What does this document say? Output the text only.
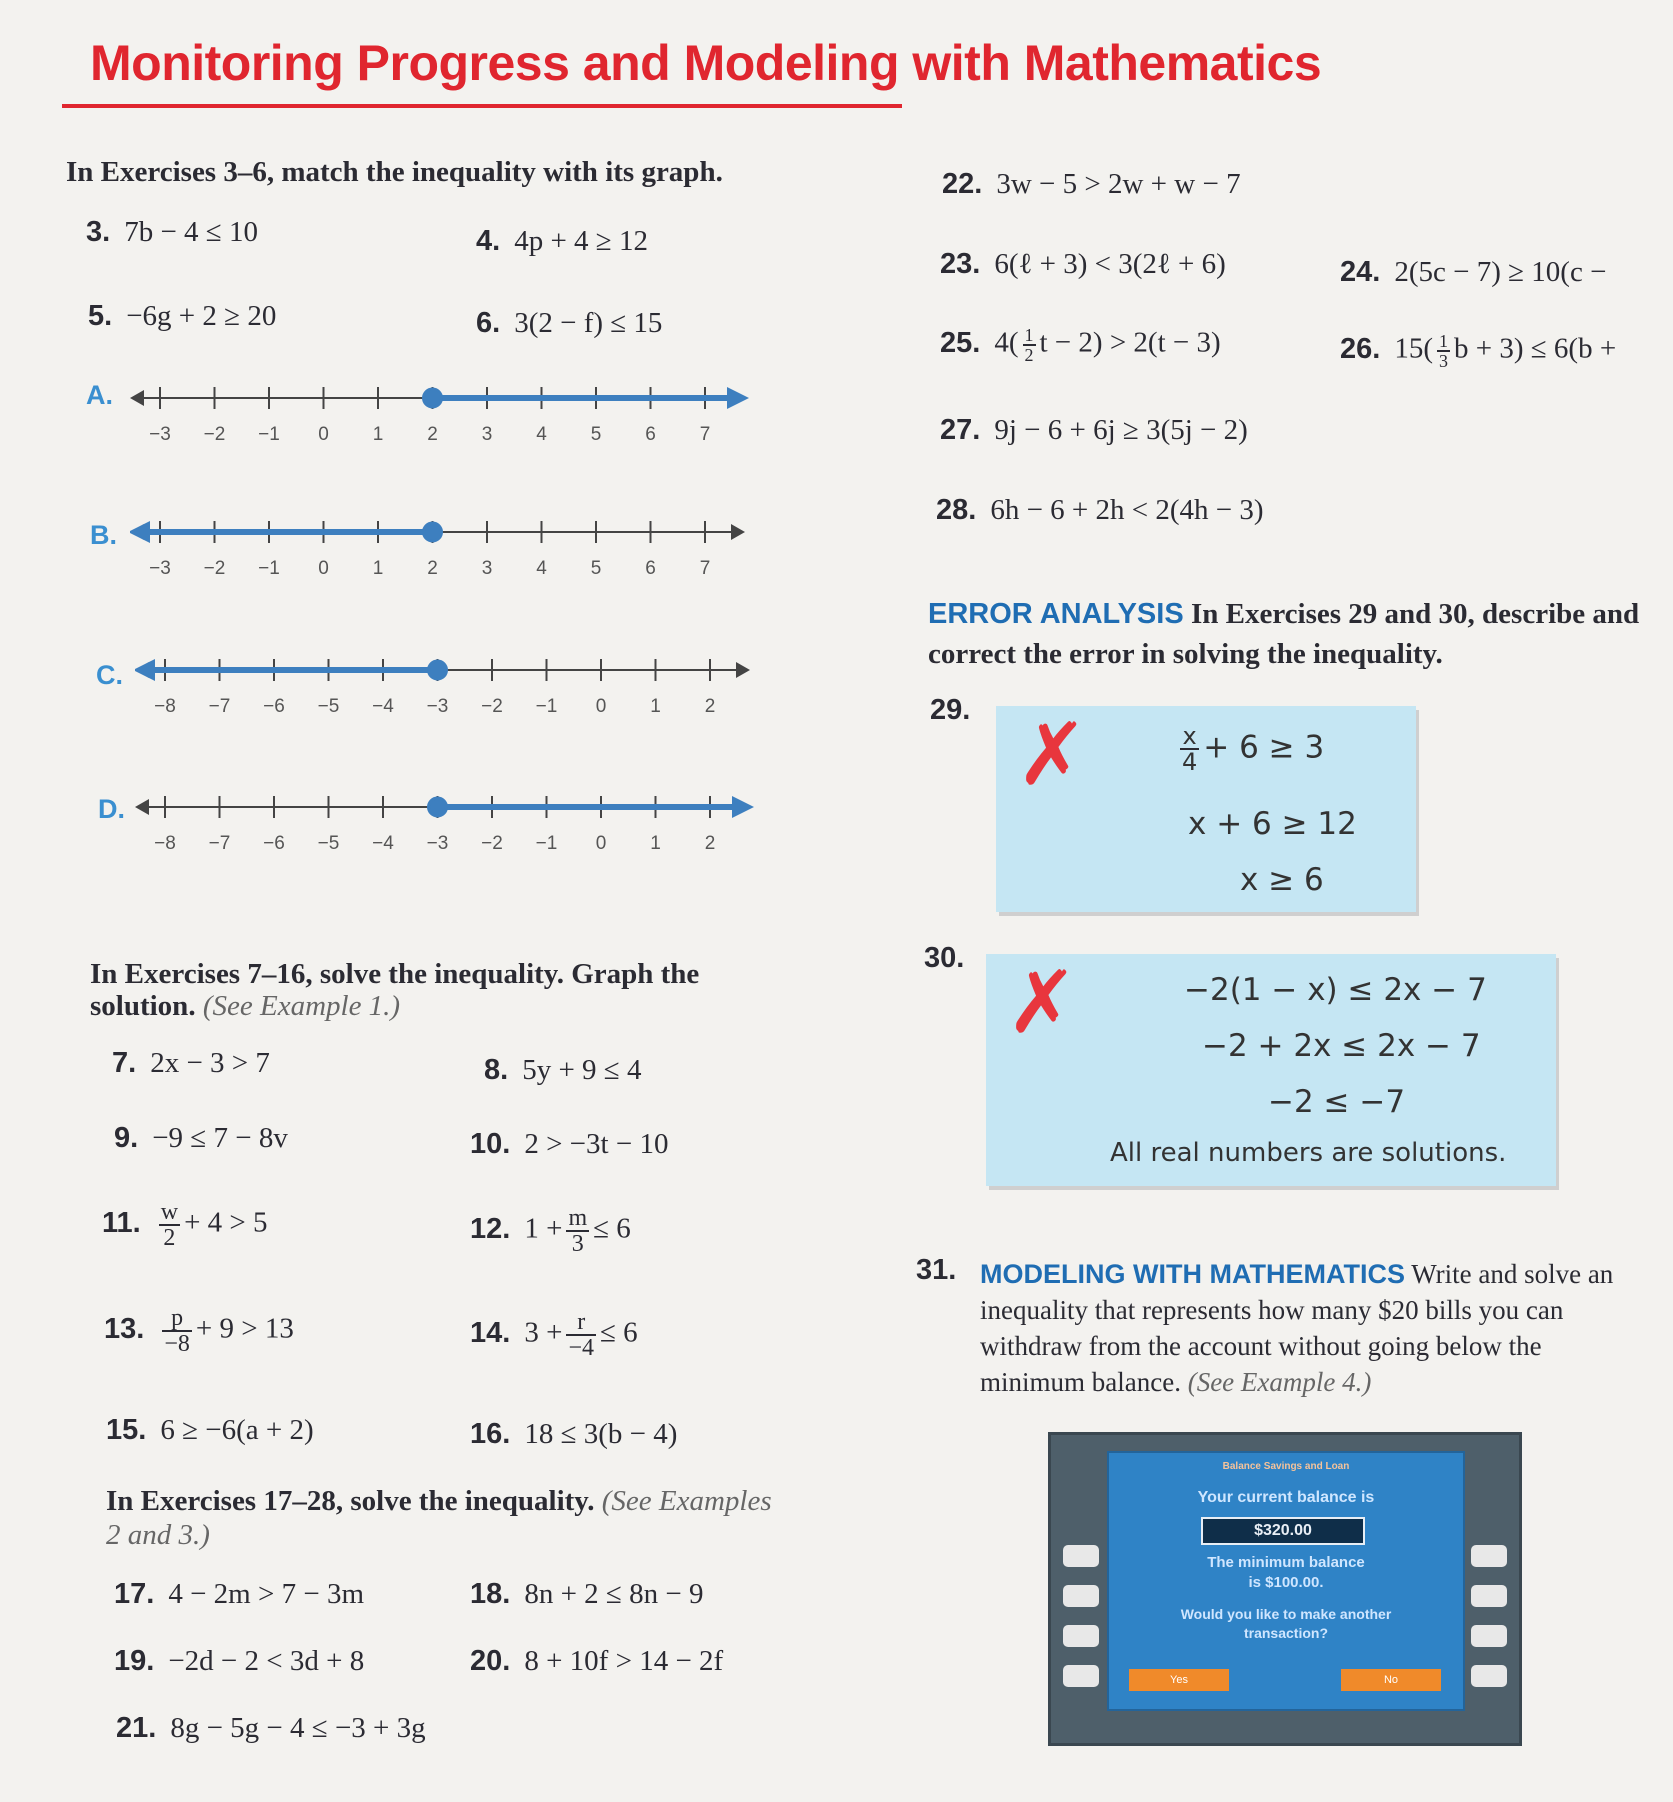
Monitoring Progress and Modeling with Mathematics
In Exercises 3–6, match the inequality with its graph.
3. 7b − 4 ≤ 10	4. 4p + 4 ≥ 12
5. −6g + 2 ≥ 20	6. 3(2 − f) ≤ 15
A.
−3 −2 −1 0 1 2 3 4 5 6 7
B.
−3 −2 −1 0 1 2 3 4 5 6 7
C.
−8 −7 −6 −5 −4 −3 −2 −1 0 1 2
D.
−8 −7 −6 −5 −4 −3 −2 −1 0 1 2
In Exercises 7–16, solve the inequality. Graph the
solution. (See Example 1.)
7. 2x − 3 > 7	8. 5y + 9 ≤ 4
9. −9 ≤ 7 − 8v	10. 2 > −3t − 10
11. $\frac{w}{2} + 4 > 5$	12. $1 + \frac{m}{3} \le 6$
13. $\frac{p}{-8} + 9 > 13$	14. $3 + \frac{r}{-4} \le 6$
15. 6 ≥ −6(a + 2)	16. 18 ≤ 3(b − 4)
In Exercises 17–28, solve the inequality. (See Examples
2 and 3.)
17. 4 − 2m > 7 − 3m	18. 8n + 2 ≤ 8n − 9
19. −2d − 2 < 3d + 8	20. 8 + 10f > 14 − 2f
21. 8g − 5g − 4 ≤ −3 + 3g
22. 3w − 5 > 2w + w − 7
23. 6(ℓ + 3) < 3(2ℓ + 6)	24. 2(5c − 7) ≥ 10(c −
25. $4( \frac{1}{2}$ t − 2) > 2(t − 3)	26. $15( \frac{1}{3}$ b + 3) ≤ 6(b +
27. 9j − 6 + 6j ≥ 3(5j − 2)
28. 6h − 6 + 2h < 2(4h − 3)
ERROR ANALYSIS In Exercises 29 and 30, describe and
correct the error in solving the inequality.
29. ✗	$\frac{x}{4} + 6 \ge 3$
x + 6 ≥ 12
x ≥ 6
30. ✗	−2(1 − x) ≤ 2x − 7
−2 + 2x ≤ 2x − 7
−2 ≤ −7
All real numbers are solutions.
31. MODELING WITH MATHEMATICS Write and solve an inequality that represents how many $20 bills you can withdraw from the account without going below the minimum balance. (See Example 4.)
Balance Savings and Loan
Your current balance is
$320.00
The minimum balance
is $100.00.
Would you like to make another
transaction?
Yes	No
